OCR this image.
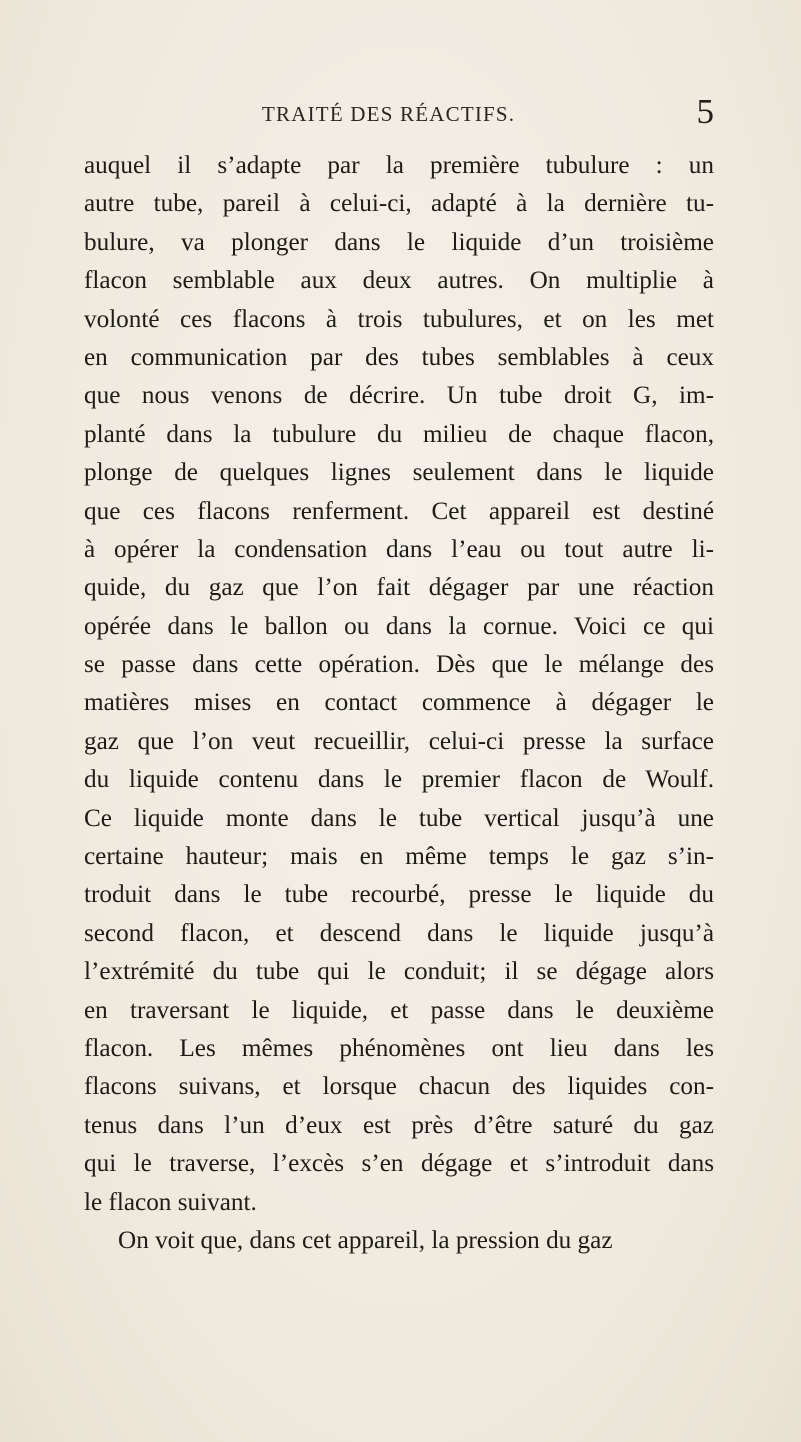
TRAITÉ DES RÉACTIFS.	5
auquel il s’adapte par la première tubulure : un
autre tube, pareil à celui-ci, adapté à la dernière tu-
bulure, va plonger dans le liquide d’un troisième
flacon semblable aux deux autres. On multiplie à
volonté ces flacons à trois tubulures, et on les met
en communication par des tubes semblables à ceux
que nous venons de décrire. Un tube droit G, im-
planté dans la tubulure du milieu de chaque flacon,
plonge de quelques lignes seulement dans le liquide
que ces flacons renferment. Cet appareil est destiné
à opérer la condensation dans l’eau ou tout autre li-
quide, du gaz que l’on fait dégager par une réaction
opérée dans le ballon ou dans la cornue. Voici ce qui
se passe dans cette opération. Dès que le mélange des
matières mises en contact commence à dégager le
gaz que l’on veut recueillir, celui-ci presse la surface
du liquide contenu dans le premier flacon de Woulf.
Ce liquide monte dans le tube vertical jusqu’à une
certaine hauteur; mais en même temps le gaz s’in-
troduit dans le tube recourbé, presse le liquide du
second flacon, et descend dans le liquide jusqu’à
l’extrémité du tube qui le conduit; il se dégage alors
en traversant le liquide, et passe dans le deuxième
flacon. Les mêmes phénomènes ont lieu dans les
flacons suivans, et lorsque chacun des liquides con-
tenus dans l’un d’eux est près d’être saturé du gaz
qui le traverse, l’excès s’en dégage et s’introduit dans
le flacon suivant.
On voit que, dans cet appareil, la pression du gaz
